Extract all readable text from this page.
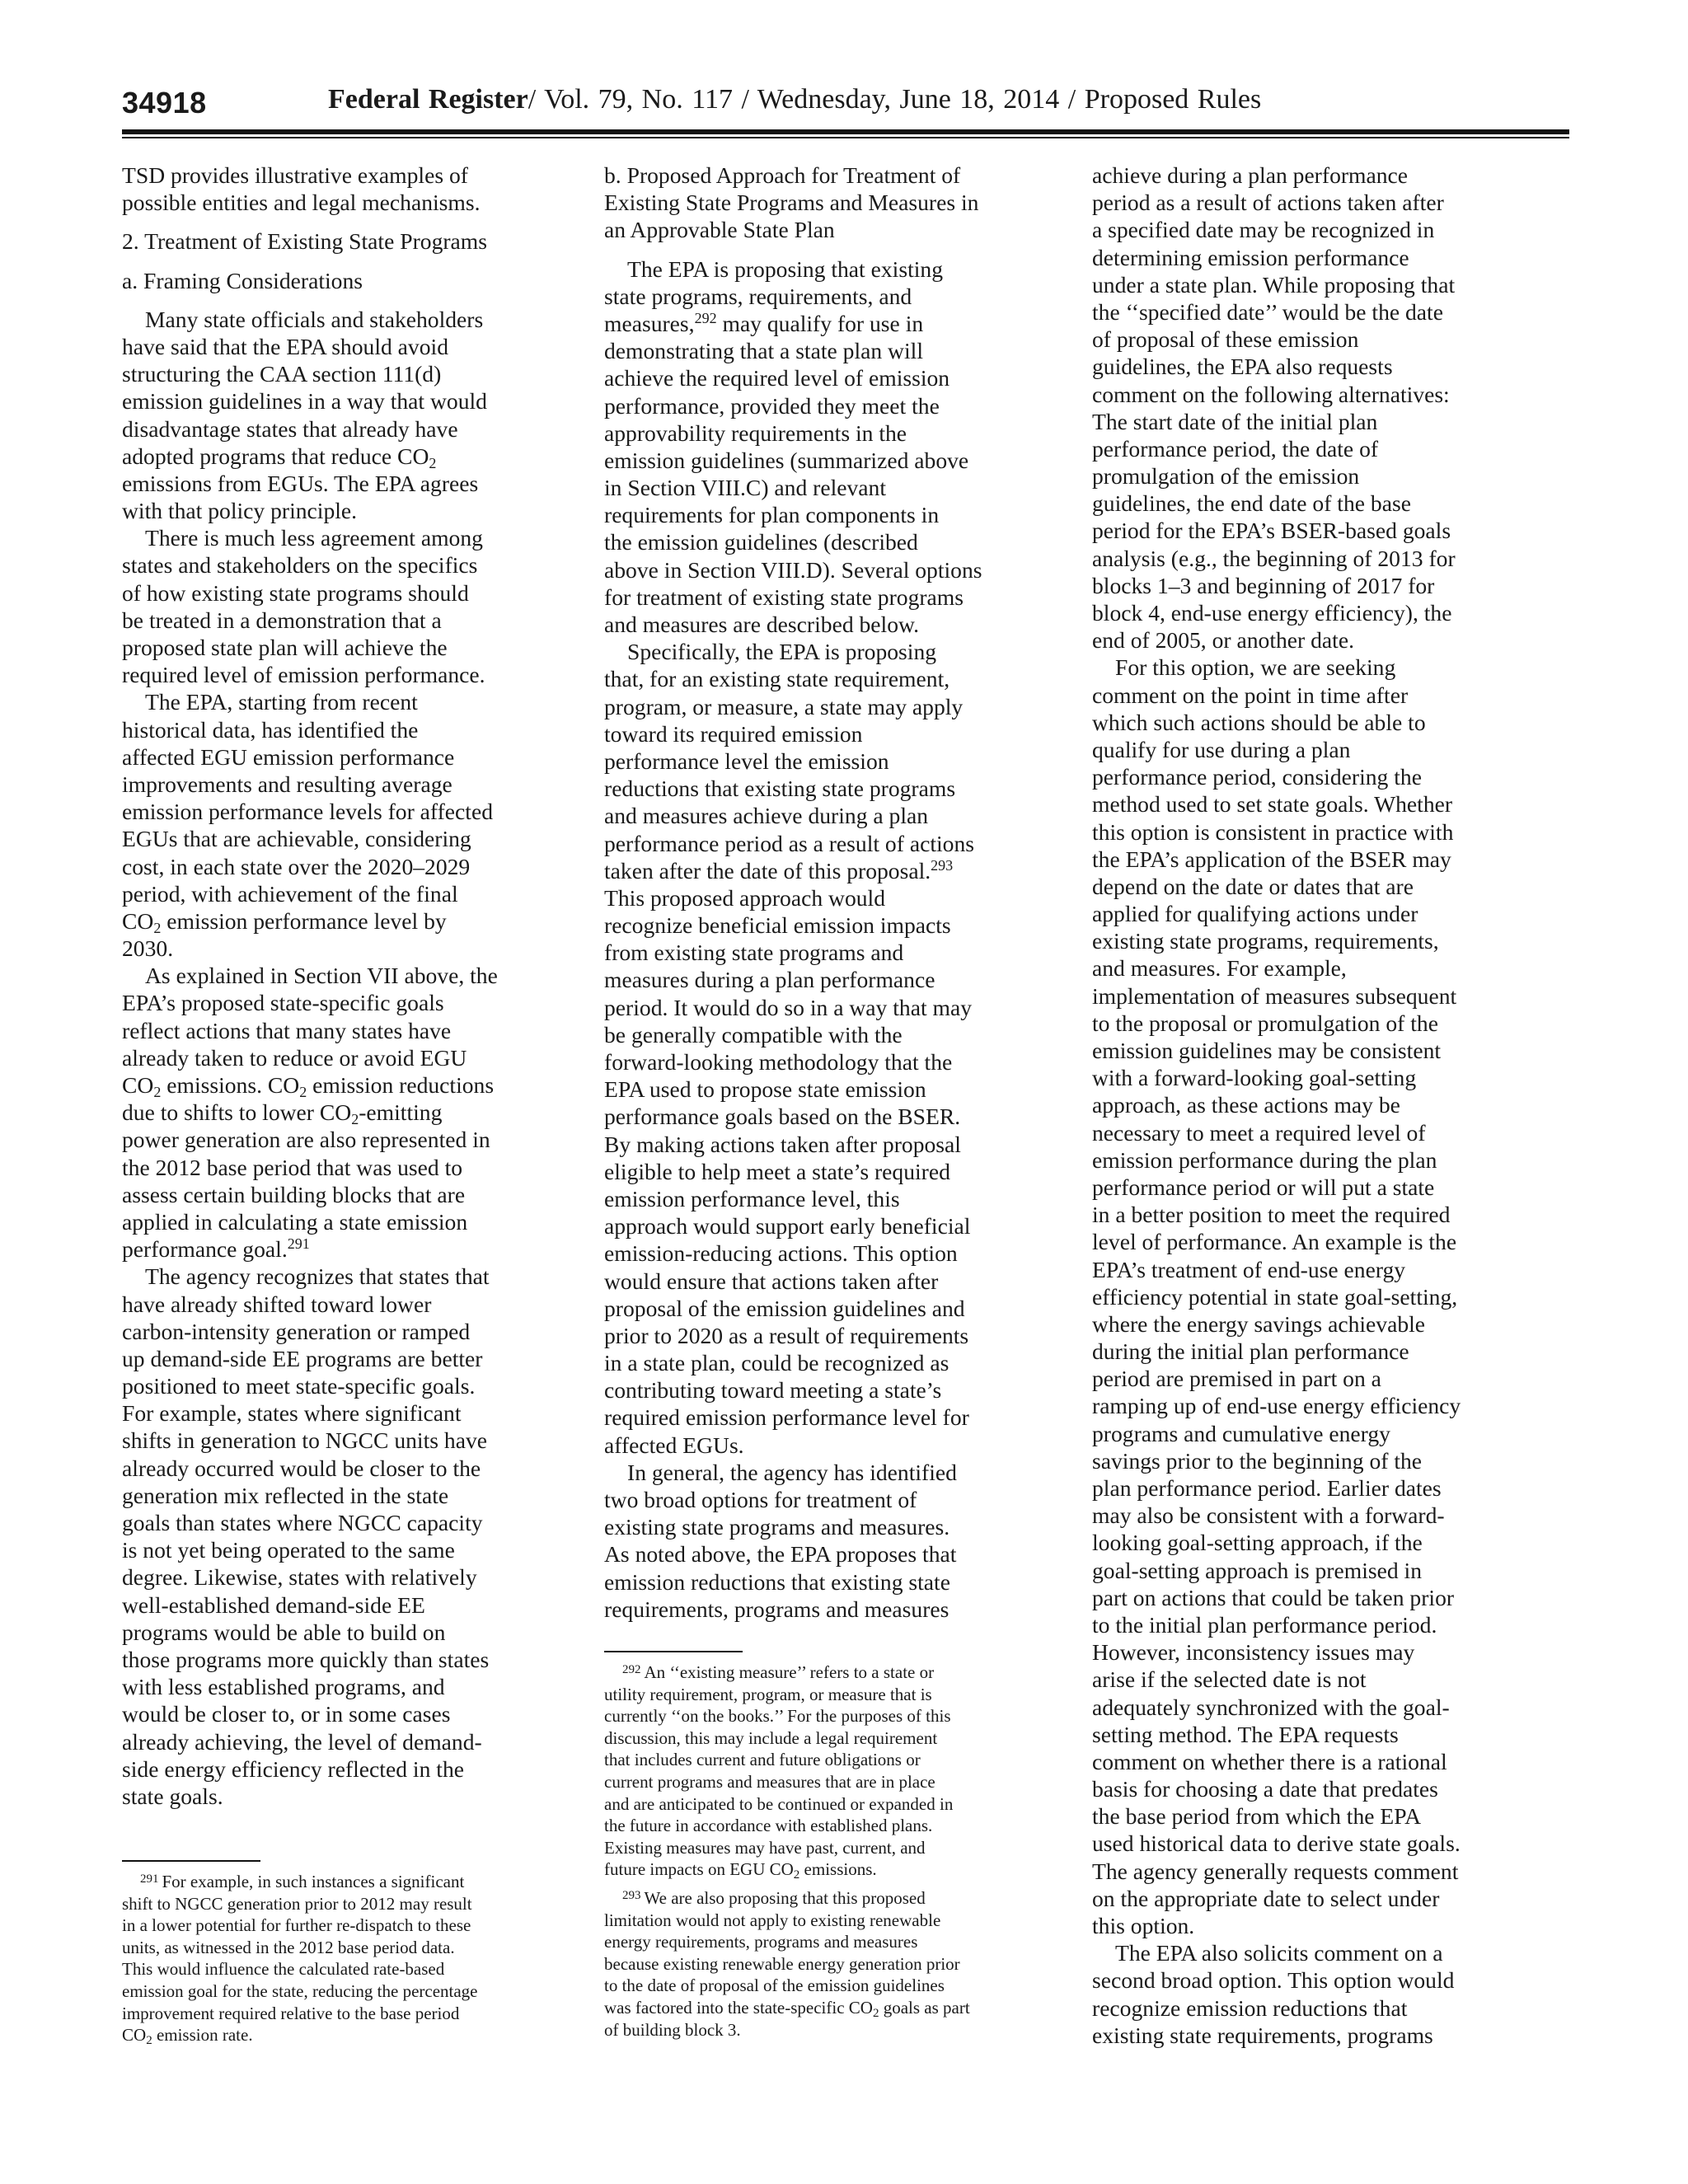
34918	Federal Register/ Vol. 79, No. 117 / Wednesday, June 18, 2014 / Proposed Rules
TSD provides illustrative examples of
possible entities and legal mechanisms.
2. Treatment of Existing State Programs
a. Framing Considerations
Many state officials and stakeholders
have said that the EPA should avoid
structuring the CAA section 111(d)
emission guidelines in a way that would
disadvantage states that already have
adopted programs that reduce $CO_2$
emissions from EGUs. The EPA agrees
with that policy principle.
There is much less agreement among
states and stakeholders on the specifics
of how existing state programs should
be treated in a demonstration that a
proposed state plan will achieve the
required level of emission performance.
The EPA, starting from recent
historical data, has identified the
affected EGU emission performance
improvements and resulting average
emission performance levels for affected
EGUs that are achievable, considering
cost, in each state over the 2020–2029
period, with achievement of the final
$CO_2$ emission performance level by
2030.
As explained in Section VII above, the
EPA’s proposed state-specific goals
reflect actions that many states have
already taken to reduce or avoid EGU
$CO_2$ emissions. $CO_2$ emission reductions
due to shifts to lower $CO_2$-emitting
power generation are also represented in
the 2012 base period that was used to
assess certain building blocks that are
applied in calculating a state emission
performance goal.$^{291}$
The agency recognizes that states that
have already shifted toward lower
carbon-intensity generation or ramped
up demand-side EE programs are better
positioned to meet state-specific goals.
For example, states where significant
shifts in generation to NGCC units have
already occurred would be closer to the
generation mix reflected in the state
goals than states where NGCC capacity
is not yet being operated to the same
degree. Likewise, states with relatively
well-established demand-side EE
programs would be able to build on
those programs more quickly than states
with less established programs, and
would be closer to, or in some cases
already achieving, the level of demand-
side energy efficiency reflected in the
state goals.
$^{291}$ For example, in such instances a significant
shift to NGCC generation prior to 2012 may result
in a lower potential for further re-dispatch to these
units, as witnessed in the 2012 base period data.
This would influence the calculated rate-based
emission goal for the state, reducing the percentage
improvement required relative to the base period
$CO_2$ emission rate.
b. Proposed Approach for Treatment of
Existing State Programs and Measures in
an Approvable State Plan
The EPA is proposing that existing
state programs, requirements, and
measures,$^{292}$ may qualify for use in
demonstrating that a state plan will
achieve the required level of emission
performance, provided they meet the
approvability requirements in the
emission guidelines (summarized above
in Section VIII.C) and relevant
requirements for plan components in
the emission guidelines (described
above in Section VIII.D). Several options
for treatment of existing state programs
and measures are described below.
Specifically, the EPA is proposing
that, for an existing state requirement,
program, or measure, a state may apply
toward its required emission
performance level the emission
reductions that existing state programs
and measures achieve during a plan
performance period as a result of actions
taken after the date of this proposal.$^{293}$
This proposed approach would
recognize beneficial emission impacts
from existing state programs and
measures during a plan performance
period. It would do so in a way that may
be generally compatible with the
forward-looking methodology that the
EPA used to propose state emission
performance goals based on the BSER.
By making actions taken after proposal
eligible to help meet a state’s required
emission performance level, this
approach would support early beneficial
emission-reducing actions. This option
would ensure that actions taken after
proposal of the emission guidelines and
prior to 2020 as a result of requirements
in a state plan, could be recognized as
contributing toward meeting a state’s
required emission performance level for
affected EGUs.
In general, the agency has identified
two broad options for treatment of
existing state programs and measures.
As noted above, the EPA proposes that
emission reductions that existing state
requirements, programs and measures
$^{292}$ An ‘‘existing measure’’ refers to a state or
utility requirement, program, or measure that is
currently ‘‘on the books.’’ For the purposes of this
discussion, this may include a legal requirement
that includes current and future obligations or
current programs and measures that are in place
and are anticipated to be continued or expanded in
the future in accordance with established plans.
Existing measures may have past, current, and
future impacts on EGU $CO_2$ emissions.
$^{293}$ We are also proposing that this proposed
limitation would not apply to existing renewable
energy requirements, programs and measures
because existing renewable energy generation prior
to the date of proposal of the emission guidelines
was factored into the state-specific $CO_2$ goals as part
of building block 3.
achieve during a plan performance
period as a result of actions taken after
a specified date may be recognized in
determining emission performance
under a state plan. While proposing that
the ‘‘specified date’’ would be the date
of proposal of these emission
guidelines, the EPA also requests
comment on the following alternatives:
The start date of the initial plan
performance period, the date of
promulgation of the emission
guidelines, the end date of the base
period for the EPA’s BSER-based goals
analysis (e.g., the beginning of 2013 for
blocks 1–3 and beginning of 2017 for
block 4, end-use energy efficiency), the
end of 2005, or another date.
For this option, we are seeking
comment on the point in time after
which such actions should be able to
qualify for use during a plan
performance period, considering the
method used to set state goals. Whether
this option is consistent in practice with
the EPA’s application of the BSER may
depend on the date or dates that are
applied for qualifying actions under
existing state programs, requirements,
and measures. For example,
implementation of measures subsequent
to the proposal or promulgation of the
emission guidelines may be consistent
with a forward-looking goal-setting
approach, as these actions may be
necessary to meet a required level of
emission performance during the plan
performance period or will put a state
in a better position to meet the required
level of performance. An example is the
EPA’s treatment of end-use energy
efficiency potential in state goal-setting,
where the energy savings achievable
during the initial plan performance
period are premised in part on a
ramping up of end-use energy efficiency
programs and cumulative energy
savings prior to the beginning of the
plan performance period. Earlier dates
may also be consistent with a forward-
looking goal-setting approach, if the
goal-setting approach is premised in
part on actions that could be taken prior
to the initial plan performance period.
However, inconsistency issues may
arise if the selected date is not
adequately synchronized with the goal-
setting method. The EPA requests
comment on whether there is a rational
basis for choosing a date that predates
the base period from which the EPA
used historical data to derive state goals.
The agency generally requests comment
on the appropriate date to select under
this option.
The EPA also solicits comment on a
second broad option. This option would
recognize emission reductions that
existing state requirements, programs
